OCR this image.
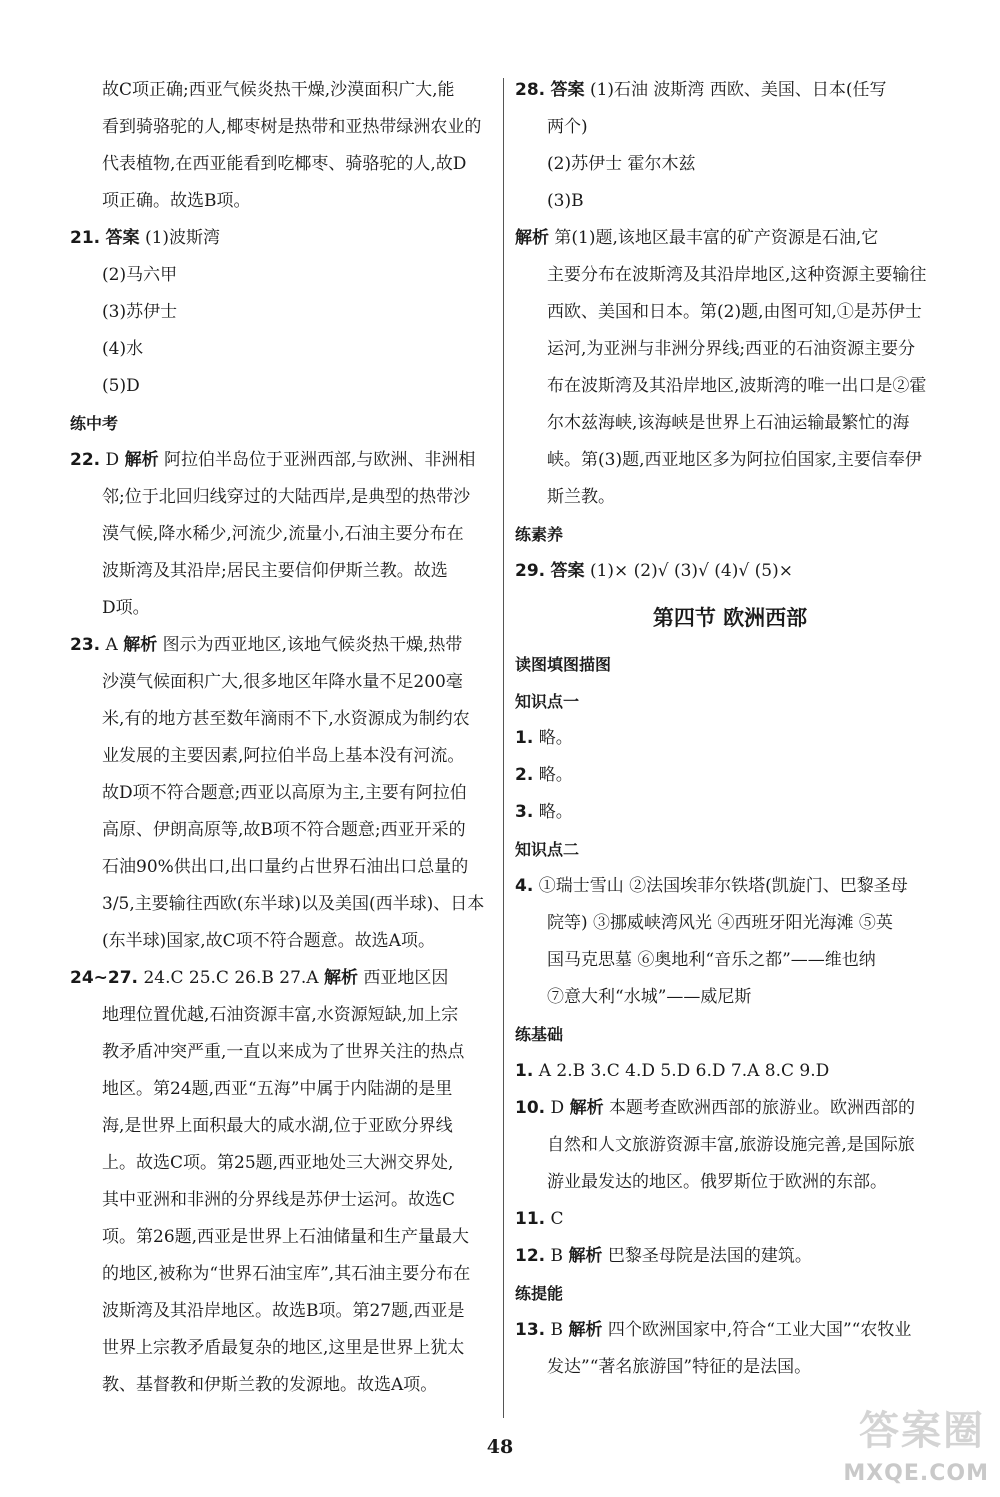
故C项正确;西亚气候炎热干燥,沙漠面积广大,能
看到骑骆驼的人,椰枣树是热带和亚热带绿洲农业的
代表植物,在西亚能看到吃椰枣、骑骆驼的人,故D
项正确。故选B项。
21. 答案 (1)波斯湾
(2)马六甲
(3)苏伊士
(4)水
(5)D
练中考
22. D 解析 阿拉伯半岛位于亚洲西部,与欧洲、非洲相
邻;位于北回归线穿过的大陆西岸,是典型的热带沙
漠气候,降水稀少,河流少,流量小,石油主要分布在
波斯湾及其沿岸;居民主要信仰伊斯兰教。故选
D项。
23. A 解析 图示为西亚地区,该地气候炎热干燥,热带
沙漠气候面积广大,很多地区年降水量不足200毫
米,有的地方甚至数年滴雨不下,水资源成为制约农
业发展的主要因素,阿拉伯半岛上基本没有河流。
故D项不符合题意;西亚以高原为主,主要有阿拉伯
高原、伊朗高原等,故B项不符合题意;西亚开采的
石油90%供出口,出口量约占世界石油出口总量的
3/5,主要输往西欧(东半球)以及美国(西半球)、日本
(东半球)国家,故C项不符合题意。故选A项。
24~27. 24.C 25.C 26.B 27.A 解析 西亚地区因
地理位置优越,石油资源丰富,水资源短缺,加上宗
教矛盾冲突严重,一直以来成为了世界关注的热点
地区。第24题,西亚“五海”中属于内陆湖的是里
海,是世界上面积最大的咸水湖,位于亚欧分界线
上。故选C项。第25题,西亚地处三大洲交界处,
其中亚洲和非洲的分界线是苏伊士运河。故选C
项。第26题,西亚是世界上石油储量和生产量最大
的地区,被称为“世界石油宝库”,其石油主要分布在
波斯湾及其沿岸地区。故选B项。第27题,西亚是
世界上宗教矛盾最复杂的地区,这里是世界上犹太
教、基督教和伊斯兰教的发源地。故选A项。
28. 答案 (1)石油 波斯湾 西欧、美国、日本(任写
两个)
(2)苏伊士 霍尔木兹
(3)B
解析 第(1)题,该地区最丰富的矿产资源是石油,它
主要分布在波斯湾及其沿岸地区,这种资源主要输往
西欧、美国和日本。第(2)题,由图可知,①是苏伊士
运河,为亚洲与非洲分界线;西亚的石油资源主要分
布在波斯湾及其沿岸地区,波斯湾的唯一出口是②霍
尔木兹海峡,该海峡是世界上石油运输最繁忙的海
峡。第(3)题,西亚地区多为阿拉伯国家,主要信奉伊
斯兰教。
练素养
29. 答案 (1)× (2)√ (3)√ (4)√ (5)×
第四节 欧洲西部
读图填图描图
知识点一
1. 略。
2. 略。
3. 略。
知识点二
4. ①瑞士雪山 ②法国埃菲尔铁塔(凯旋门、巴黎圣母
院等) ③挪威峡湾风光 ④西班牙阳光海滩 ⑤英
国马克思墓 ⑥奥地利“音乐之都”——维也纳
⑦意大利“水城”——威尼斯
练基础
1. A 2.B 3.C 4.D 5.D 6.D 7.A 8.C 9.D
10. D 解析 本题考查欧洲西部的旅游业。欧洲西部的
自然和人文旅游资源丰富,旅游设施完善,是国际旅
游业最发达的地区。俄罗斯位于欧洲的东部。
11. C
12. B 解析 巴黎圣母院是法国的建筑。
练提能
13. B 解析 四个欧洲国家中,符合“工业大国”“农牧业
发达”“著名旅游国”特征的是法国。
48	答案圈
MXQE.COM
